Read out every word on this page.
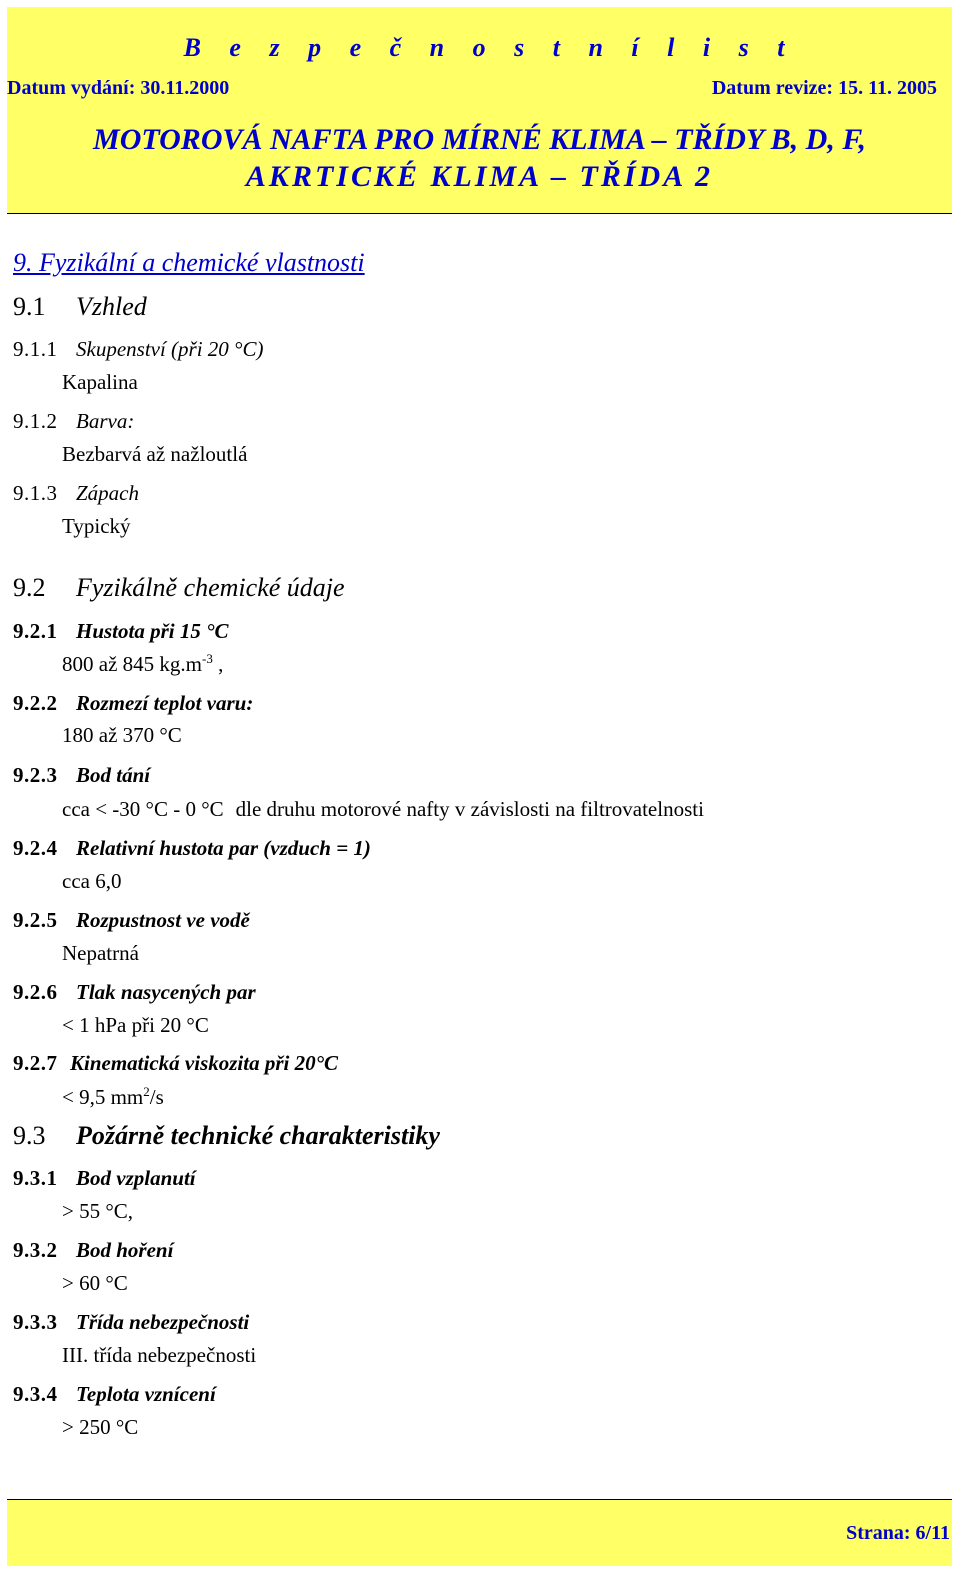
B e z p e č n o s t n í l i s t
Datum vydání: 30.11.2000	Datum revize: 15. 11. 2005
MOTOROVÁ NAFTA PRO MÍRNÉ KLIMA – TŘÍDY B, D, F,
AKRTICKÉ KLIMA – TŘÍDA 2
9. Fyzikální a chemické vlastnosti
9.1 Vzhled
9.1.1 Skupenství (při 20 °C)
Kapalina
9.1.2 Barva:
Bezbarvá až nažloutlá
9.1.3 Zápach
Typický
9.2 Fyzikálně chemické údaje
9.2.1 Hustota při 15 °C
800 až 845 $kg.m^{-3}$ ,
9.2.2 Rozmezí teplot varu:
180 až 370 °C
9.2.3 Bod tání
cca < -30 °C - 0 °C dle druhu motorové nafty v závislosti na filtrovatelnosti
9.2.4 Relativní hustota par (vzduch = 1)
cca 6,0
9.2.5 Rozpustnost ve vodě
Nepatrná
9.2.6 Tlak nasycených par
< 1 hPa při 20 °C
9.2.7 Kinematická viskozita při 20°C
< 9,5 $mm^2/s$
9.3 Požárně technické charakteristiky
9.3.1 Bod vzplanutí
> 55 °C,
9.3.2 Bod hoření
> 60 °C
9.3.3 Třída nebezpečnosti
III. třída nebezpečnosti
9.3.4 Teplota vznícení
> 250 °C
Strana: 6/11
